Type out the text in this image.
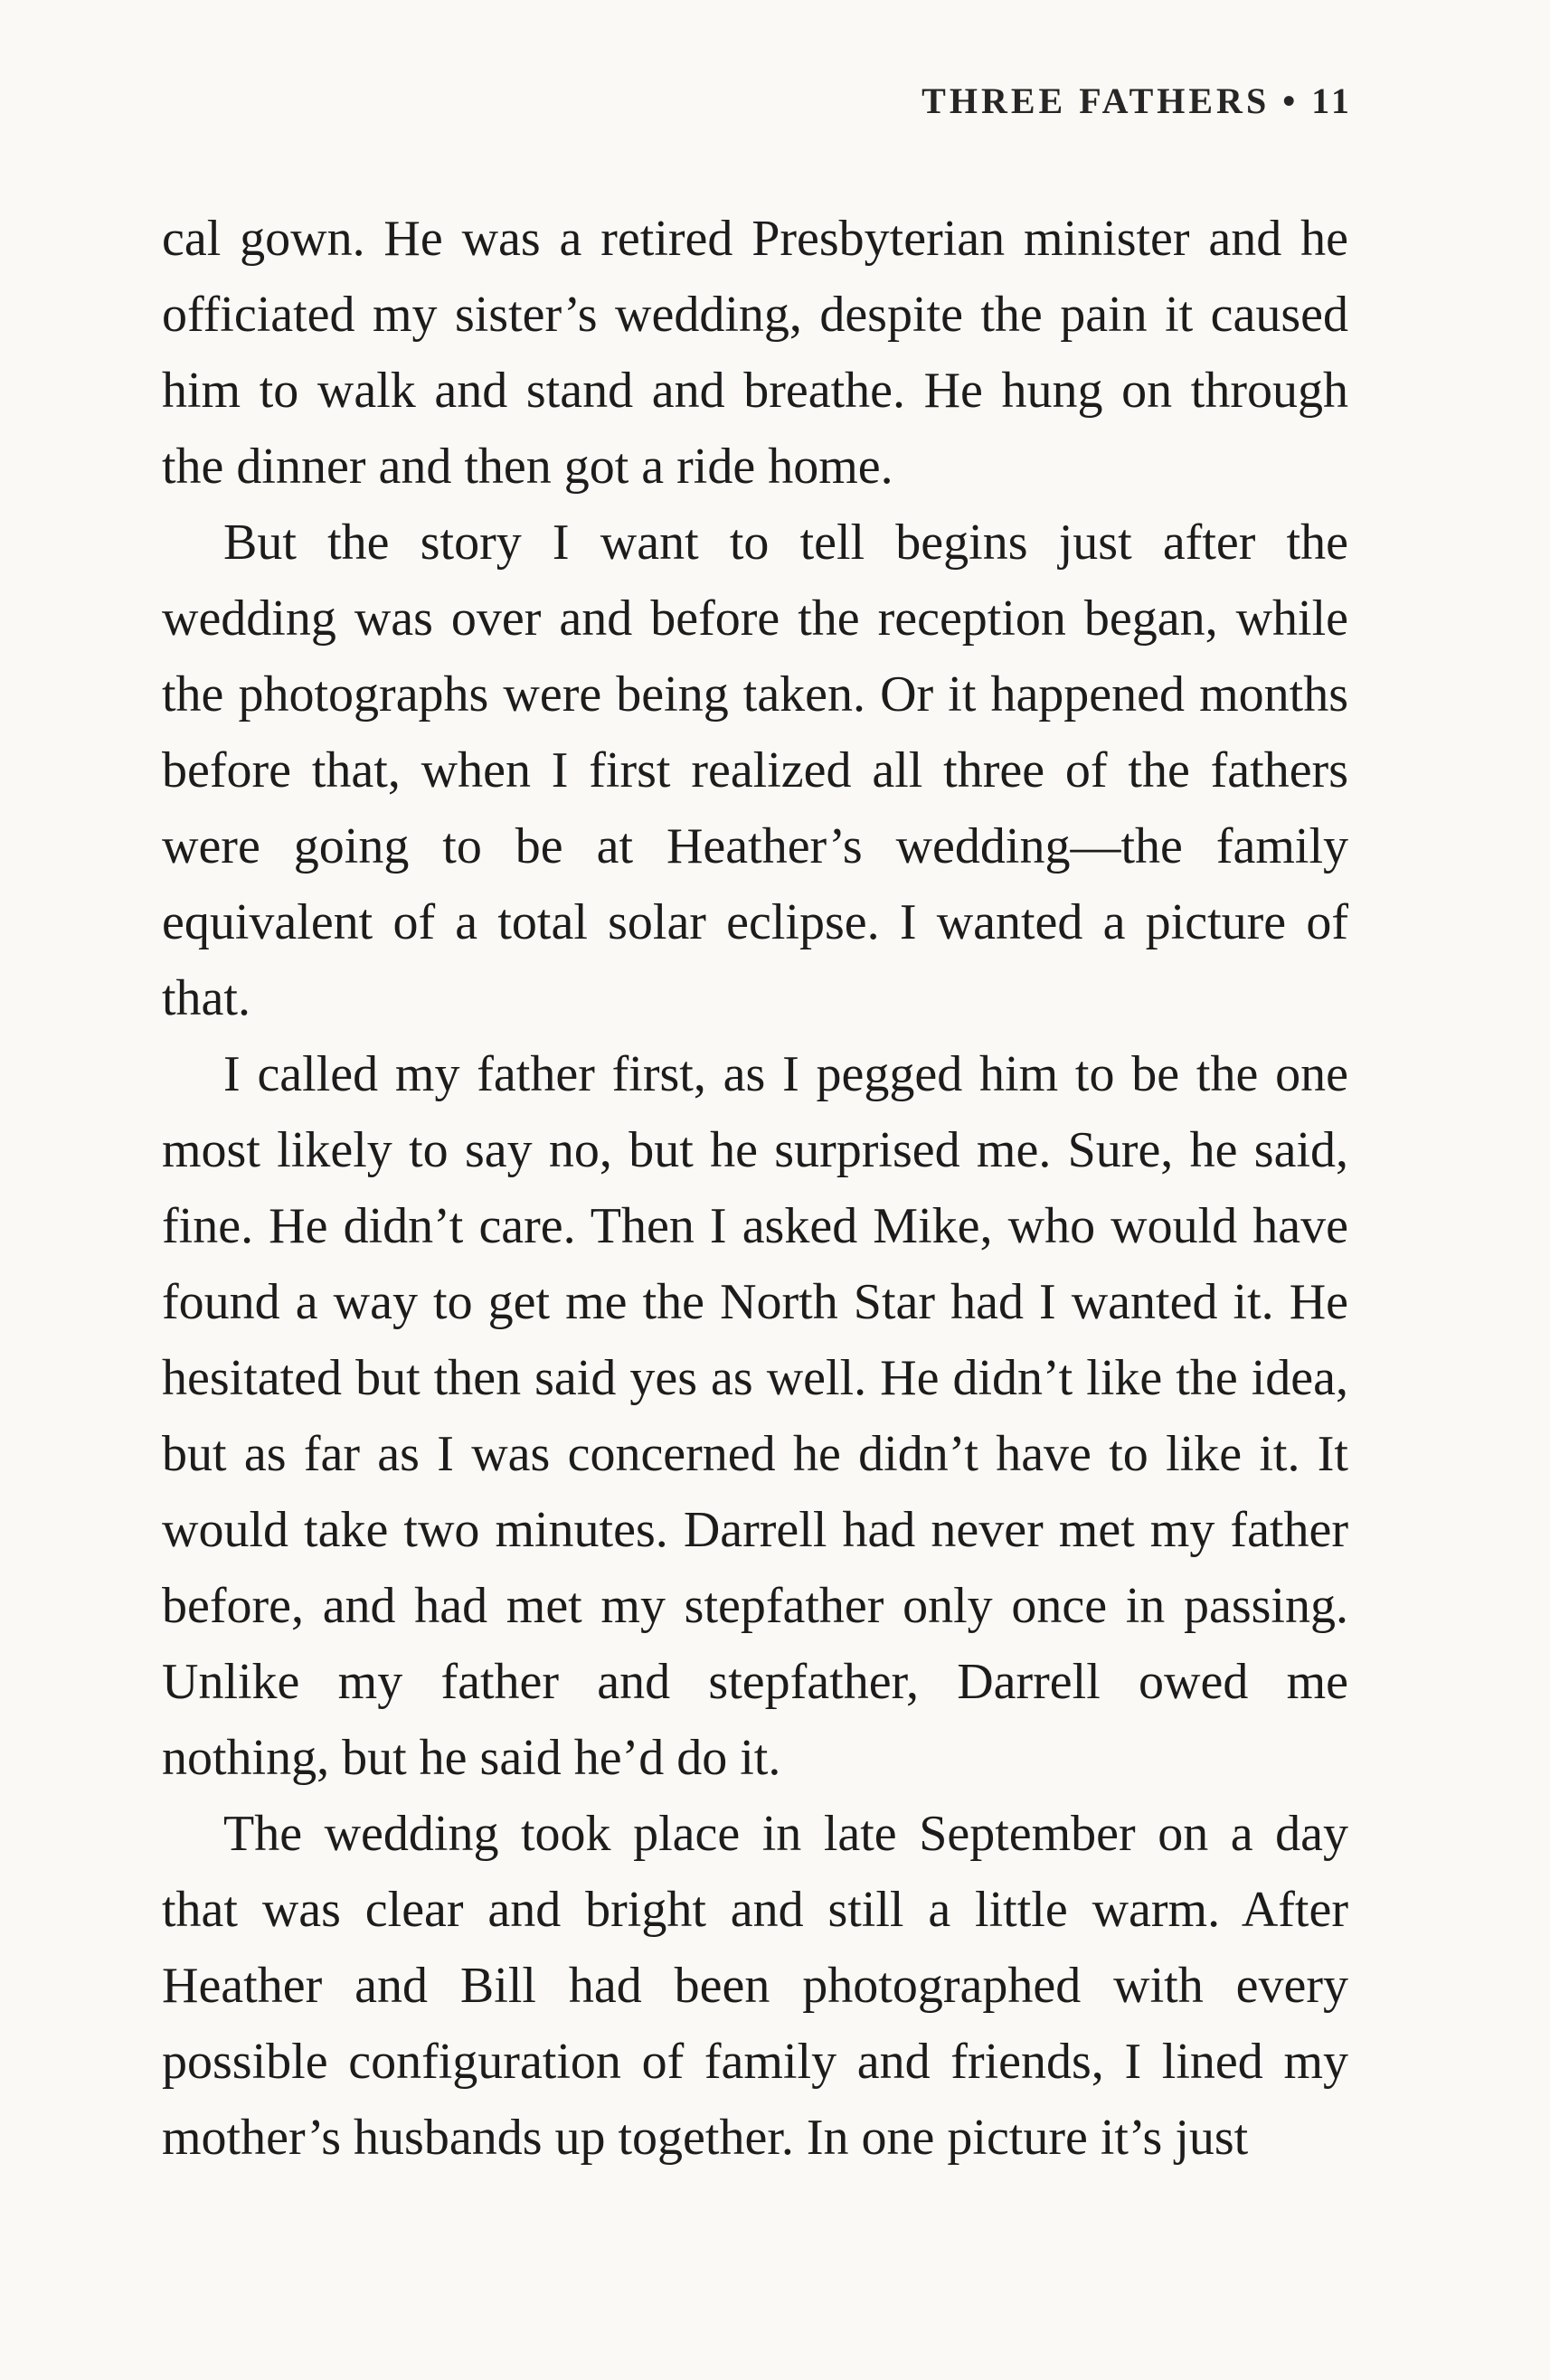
THREE FATHERS • 11

cal gown. He was a retired Presbyterian minister and he officiated my sister’s wedding, despite the pain it caused him to walk and stand and breathe. He hung on through the dinner and then got a ride home.

But the story I want to tell begins just after the wedding was over and before the reception began, while the photographs were being taken. Or it happened months before that, when I first realized all three of the fathers were going to be at Heather’s wedding—the family equivalent of a total solar eclipse. I wanted a picture of that.

I called my father first, as I pegged him to be the one most likely to say no, but he surprised me. Sure, he said, fine. He didn’t care. Then I asked Mike, who would have found a way to get me the North Star had I wanted it. He hesitated but then said yes as well. He didn’t like the idea, but as far as I was concerned he didn’t have to like it. It would take two minutes. Darrell had never met my father before, and had met my stepfather only once in passing. Unlike my father and stepfather, Darrell owed me nothing, but he said he’d do it.

The wedding took place in late September on a day that was clear and bright and still a little warm. After Heather and Bill had been photographed with every possible configuration of family and friends, I lined my mother’s husbands up together. In one picture it’s just
